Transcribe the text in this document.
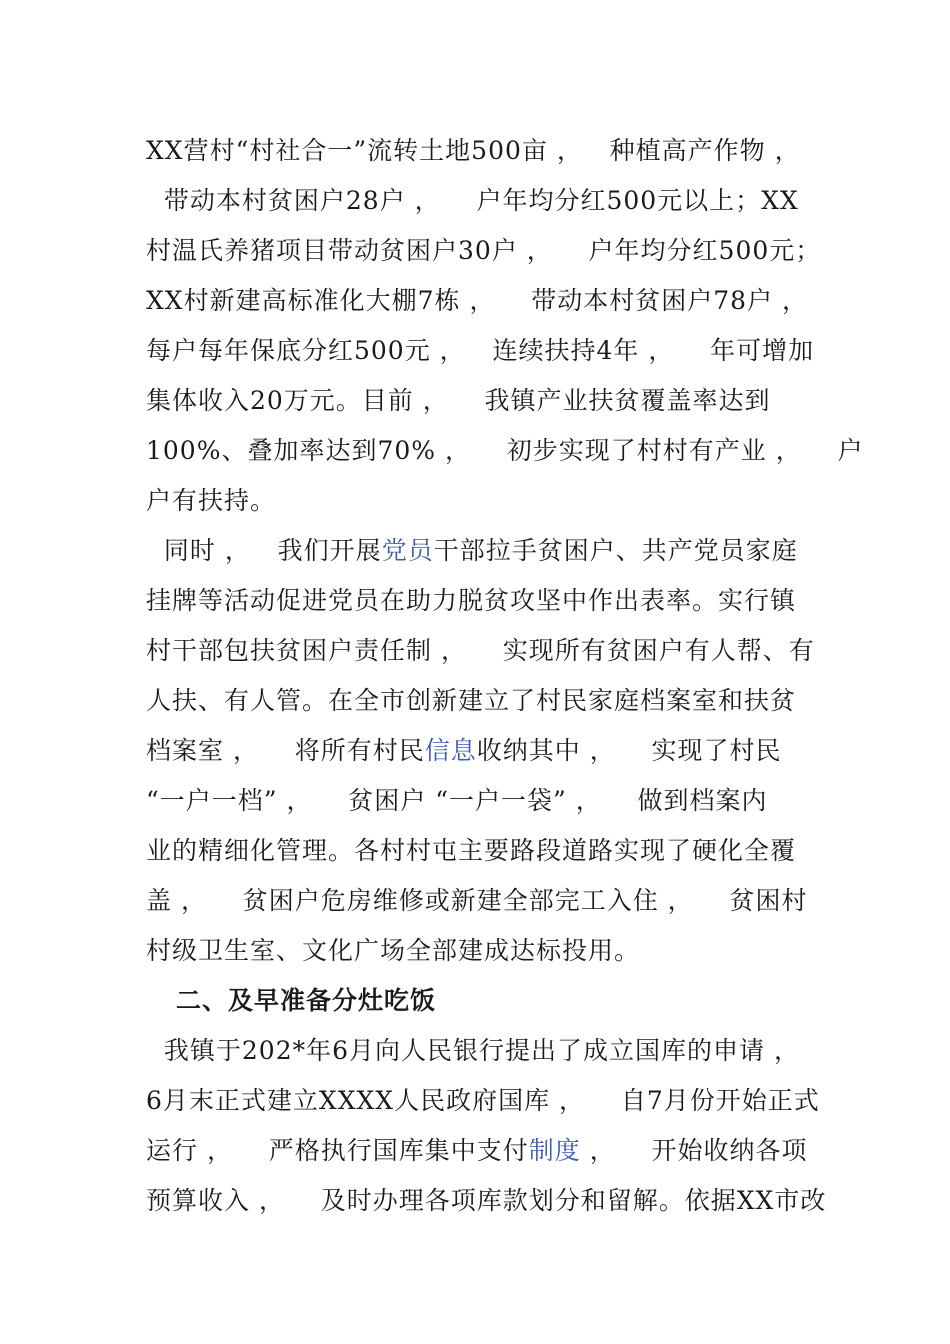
XX营村“村社合一”流转土地500亩 ，   种植高产作物 ，
带动本村贫困户28户 ，    户年均分红500元以上；XX
村温氏养猪项目带动贫困户30户 ，    户年均分红500元；
XX村新建高标准化大棚7栋 ，    带动本村贫困户78户 ，
每户每年保底分红500元 ，   连续扶持4年 ，    年可增加
集体收入20万元。目前 ，    我镇产业扶贫覆盖率达到
100%、叠加率达到70% ，    初步实现了村村有产业 ，    户
户有扶持。
同时 ，   我们开展党员干部拉手贫困户、共产党员家庭
挂牌等活动促进党员在助力脱贫攻坚中作出表率。实行镇
村干部包扶贫困户责任制 ，    实现所有贫困户有人帮、有
人扶、有人管。在全市创新建立了村民家庭档案室和扶贫
档案室 ，    将所有村民信息收纳其中 ，    实现了村民
“一户一档” ，    贫困户 “一户一袋” ，    做到档案内
业的精细化管理。各村村屯主要路段道路实现了硬化全覆
盖 ，    贫困户危房维修或新建全部完工入住 ，    贫困村
村级卫生室、文化广场全部建成达标投用。
二、及早准备分灶吃饭
我镇于202*年6月向人民银行提出了成立国库的申请 ，
6月末正式建立XXXX人民政府国库 ，    自7月份开始正式
运行 ，    严格执行国库集中支付制度 ，    开始收纳各项
预算收入 ，    及时办理各项库款划分和留解。依据XX市改
